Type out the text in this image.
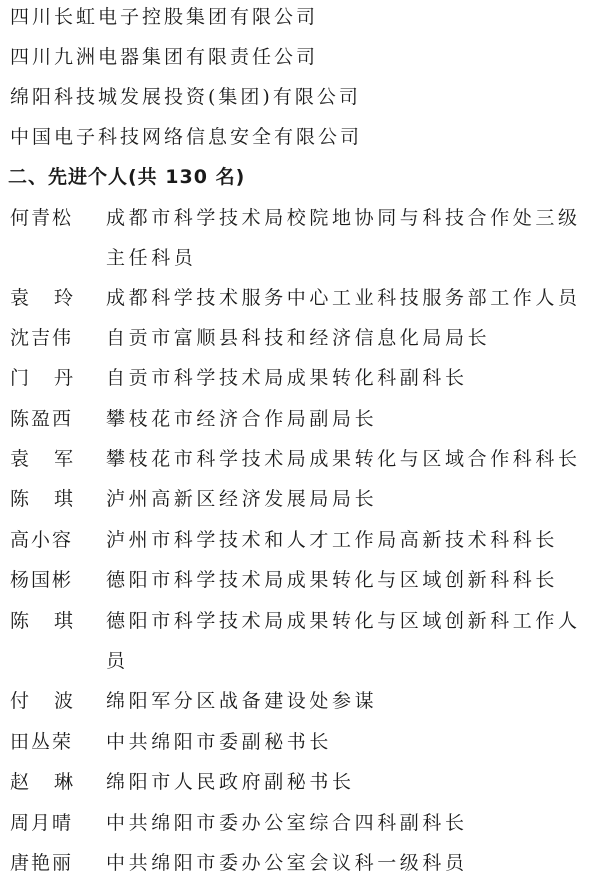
四川长虹电子控股集团有限公司
四川九洲电器集团有限责任公司
绵阳科技城发展投资(集团)有限公司
中国电子科技网络信息安全有限公司
二、先进个人(共 130 名)
何青松 成都市科学技术局校院地协同与科技合作处三级主任科员
袁玲 成都科学技术服务中心工业科技服务部工作人员
沈吉伟 自贡市富顺县科技和经济信息化局局长
门丹 自贡市科学技术局成果转化科副科长
陈盈西 攀枝花市经济合作局副局长
袁军 攀枝花市科学技术局成果转化与区域合作科科长
陈琪 泸州高新区经济发展局局长
高小容 泸州市科学技术和人才工作局高新技术科科长
杨国彬 德阳市科学技术局成果转化与区域创新科科长
陈琪 德阳市科学技术局成果转化与区域创新科工作人员
付波 绵阳军分区战备建设处参谋
田丛荣 中共绵阳市委副秘书长
赵琳 绵阳市人民政府副秘书长
周月晴 中共绵阳市委办公室综合四科副科长
唐艳丽 中共绵阳市委办公室会议科一级科员
